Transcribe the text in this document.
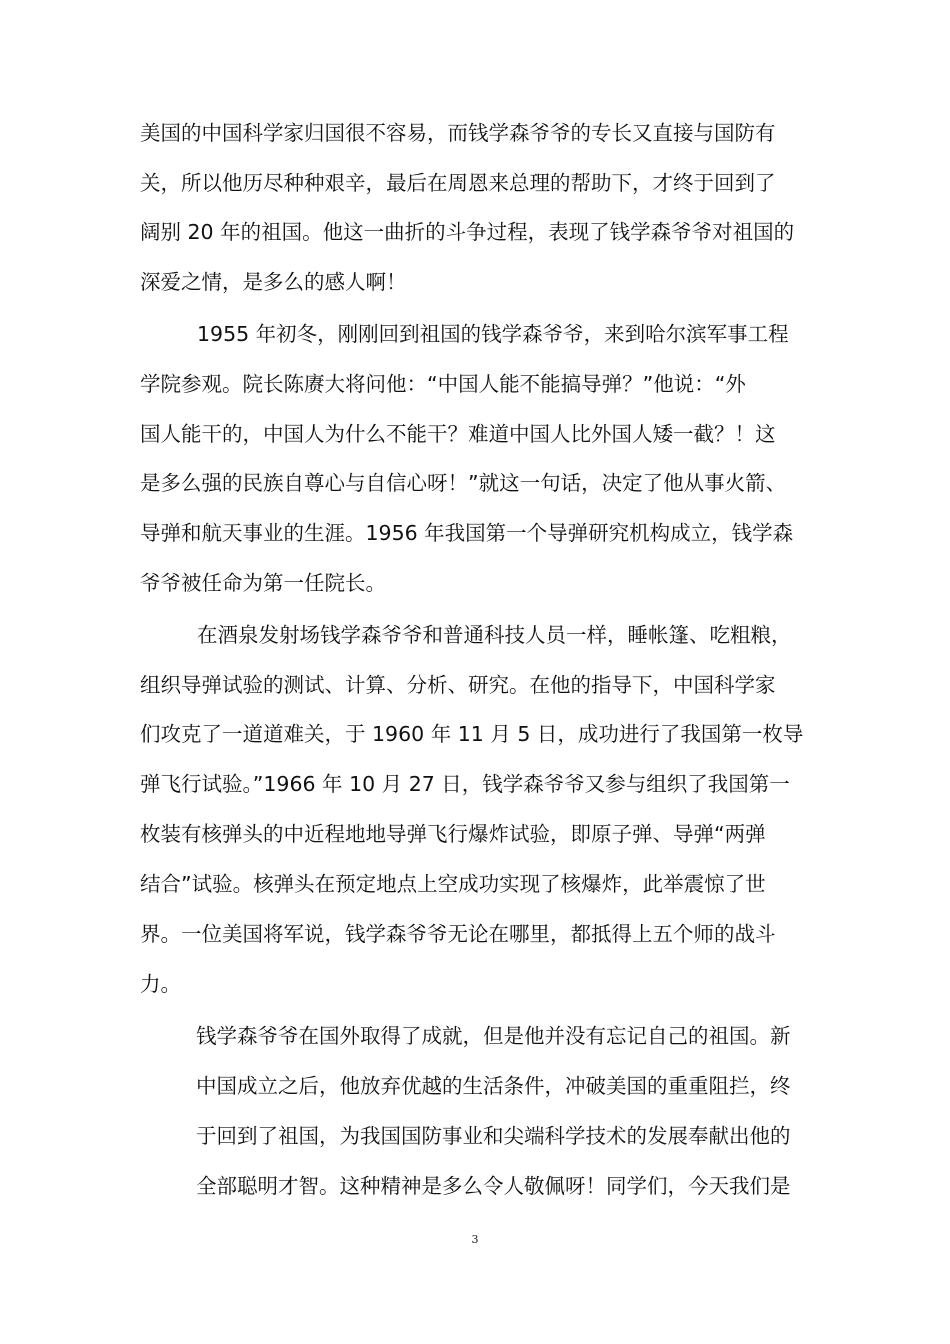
美国的中国科学家归国很不容易，而钱学森爷爷的专长又直接与国防有
关，所以他历尽种种艰辛，最后在周恩来总理的帮助下，才终于回到了
阔别 20 年的祖国。他这一曲折的斗争过程，表现了钱学森爷爷对祖国的
深爱之情，是多么的感人啊！
1955 年初冬，刚刚回到祖国的钱学森爷爷，来到哈尔滨军事工程
学院参观。院长陈赓大将问他：“中国人能不能搞导弹？”他说：“外
国人能干的，中国人为什么不能干？难道中国人比外国人矮一截？！这
是多么强的民族自尊心与自信心呀！”就这一句话，决定了他从事火箭、
导弹和航天事业的生涯。1956 年我国第一个导弹研究机构成立，钱学森
爷爷被任命为第一任院长。
在酒泉发射场钱学森爷爷和普通科技人员一样，睡帐篷、吃粗粮，
组织导弹试验的测试、计算、分析、研究。在他的指导下，中国科学家
们攻克了一道道难关，于 1960 年 11 月 5 日，成功进行了我国第一枚导
弹飞行试验。”1966 年 10 月 27 日，钱学森爷爷又参与组织了我国第一
枚装有核弹头的中近程地地导弹飞行爆炸试验，即原子弹、导弹“两弹
结合”试验。核弹头在预定地点上空成功实现了核爆炸，此举震惊了世
界。一位美国将军说，钱学森爷爷无论在哪里，都抵得上五个师的战斗
力。
钱学森爷爷在国外取得了成就，但是他并没有忘记自己的祖国。新
中国成立之后，他放弃优越的生活条件，冲破美国的重重阻拦，终
于回到了祖国，为我国国防事业和尖端科学技术的发展奉献出他的
全部聪明才智。这种精神是多么令人敬佩呀！同学们，今天我们是
3
